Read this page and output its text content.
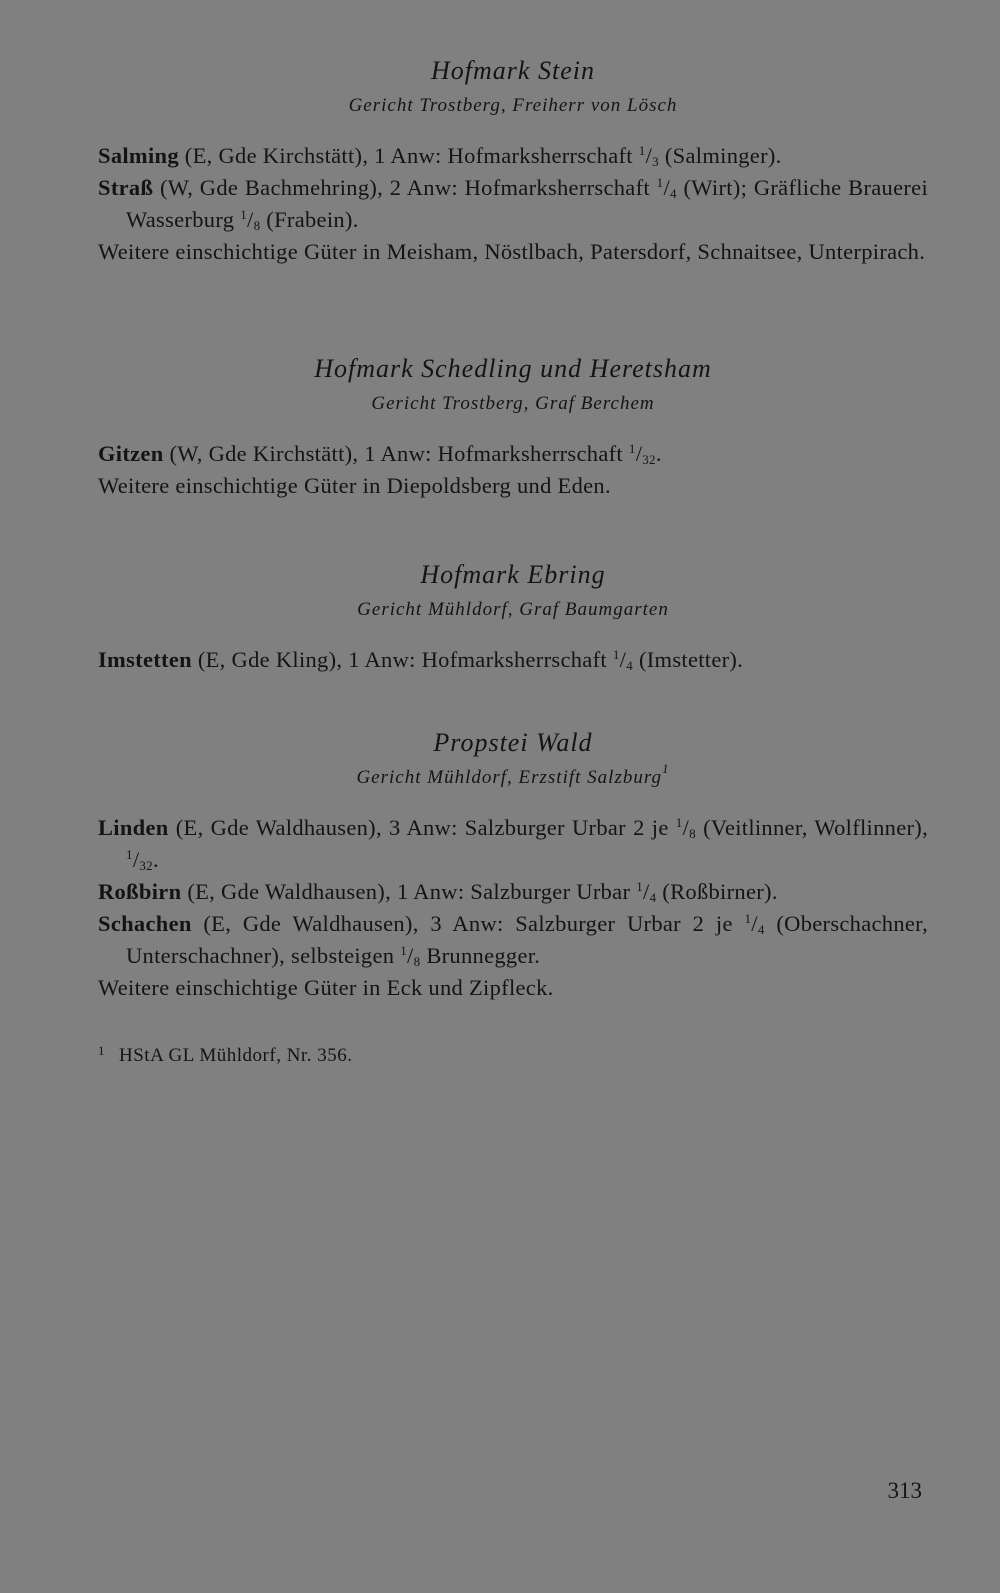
Hofmark Stein
Gericht Trostberg, Freiherr von Lösch
Salming (E, Gde Kirchstätt), 1 Anw: Hofmarksherrschaft $^1/_3$ (Salminger).
Straß (W, Gde Bachmehring), 2 Anw: Hofmarksherrschaft $^1/_4$ (Wirt); Gräfliche Brauerei Wasserburg $^1/_8$ (Frabein).
Weitere einschichtige Güter in Meisham, Nöstlbach, Patersdorf, Schnaitsee, Unterpirach.
Hofmark Schedling und Heretsham
Gericht Trostberg, Graf Berchem
Gitzen (W, Gde Kirchstätt), 1 Anw: Hofmarksherrschaft $^1/_{32}$.
Weitere einschichtige Güter in Diepoldsberg und Eden.
Hofmark Ebring
Gericht Mühldorf, Graf Baumgarten
Imstetten (E, Gde Kling), 1 Anw: Hofmarksherrschaft $^1/_4$ (Imstetter).
Propstei Wald
Gericht Mühldorf, Erzstift Salzburg$^1$
Linden (E, Gde Waldhausen), 3 Anw: Salzburger Urbar 2 je $^1/_8$ (Veitlinner, Wolflinner), $^1/_{32}$.
Roßbirn (E, Gde Waldhausen), 1 Anw: Salzburger Urbar $^1/_4$ (Roßbirner).
Schachen (E, Gde Waldhausen), 3 Anw: Salzburger Urbar 2 je $^1/_4$ (Oberschachner, Unterschachner), selbsteigen $^1/_8$ Brunnegger.
Weitere einschichtige Güter in Eck und Zipfleck.
$^1$ HStA GL Mühldorf, Nr. 356.
313
